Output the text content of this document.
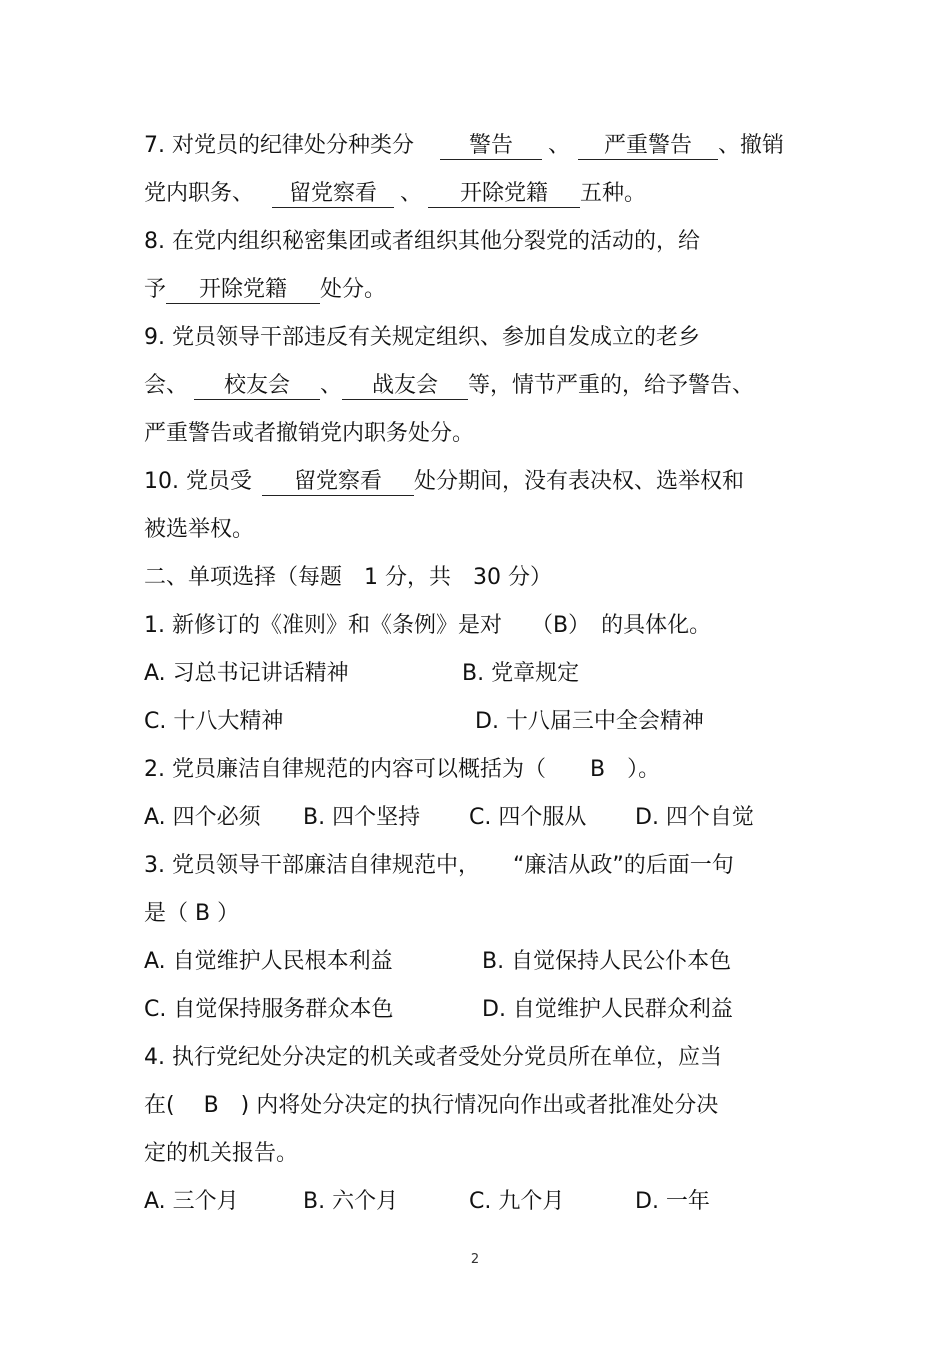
7. 对党员的纪律处分种类分 警告 、 严重警告 、撤销
党内职务、 留党察看 、 开除党籍 五种。
8. 在党内组织秘密集团或者组织其他分裂党的活动的，给
予 开除党籍 处分。
9. 党员领导干部违反有关规定组织、参加自发成立的老乡
会、 校友会 、 战友会 等，情节严重的，给予警告、
严重警告或者撤销党内职务处分。
10. 党员受 留党察看 处分期间，没有表决权、选举权和
被选举权。
二、单项选择（每题　1 分，共　30 分）
1. 新修订的《准则》和《条例》是对　 （B）　的具体化。
A. 习总书记讲话精神	B. 党章规定
C. 十八大精神	D. 十八届三中全会精神
2. 党员廉洁自律规范的内容可以概括为（　　B　）。
A. 四个必须 B. 四个坚持 C. 四个服从 D. 四个自觉
3. 党员领导干部廉洁自律规范中，　　“廉洁从政”的后面一句
是（ B ）
A. 自觉维护人民根本利益	B. 自觉保持人民公仆本色
C. 自觉保持服务群众本色	D. 自觉维护人民群众利益
4. 执行党纪处分决定的机关或者受处分党员所在单位，应当
在(　 B　) 内将处分决定的执行情况向作出或者批准处分决
定的机关报告。
A. 三个月	B. 六个月	C. 九个月	D. 一年
2
